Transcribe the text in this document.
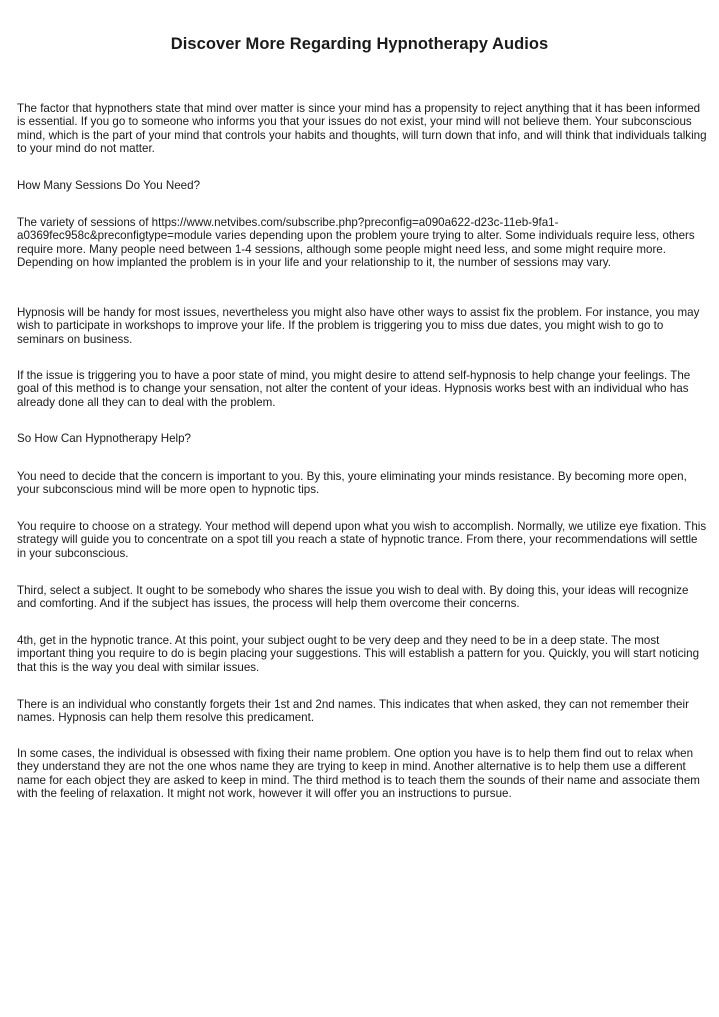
Discover More Regarding Hypnotherapy Audios

The factor that hypnothers state that mind over matter is since your mind has a propensity to reject anything that it has been informed is essential. If you go to someone who informs you that your issues do not exist, your mind will not believe them. Your subconscious mind, which is the part of your mind that controls your habits and thoughts, will turn down that info, and will think that individuals talking to your mind do not matter.

How Many Sessions Do You Need?

The variety of sessions of https://www.netvibes.com/subscribe.php?preconfig=a090a622-d23c-11eb-9fa1-a0369fec958c&preconfigtype=module varies depending upon the problem youre trying to alter. Some individuals require less, others require more. Many people need between 1-4 sessions, although some people might need less, and some might require more. Depending on how implanted the problem is in your life and your relationship to it, the number of sessions may vary.

Hypnosis will be handy for most issues, nevertheless you might also have other ways to assist fix the problem. For instance, you may wish to participate in workshops to improve your life. If the problem is triggering you to miss due dates, you might wish to go to seminars on business.

If the issue is triggering you to have a poor state of mind, you might desire to attend self-hypnosis to help change your feelings. The goal of this method is to change your sensation, not alter the content of your ideas. Hypnosis works best with an individual who has already done all they can to deal with the problem.

So How Can Hypnotherapy Help?

You need to decide that the concern is important to you. By this, youre eliminating your minds resistance. By becoming more open, your subconscious mind will be more open to hypnotic tips.

You require to choose on a strategy. Your method will depend upon what you wish to accomplish. Normally, we utilize eye fixation. This strategy will guide you to concentrate on a spot till you reach a state of hypnotic trance. From there, your recommendations will settle in your subconscious.

Third, select a subject. It ought to be somebody who shares the issue you wish to deal with. By doing this, your ideas will recognize and comforting. And if the subject has issues, the process will help them overcome their concerns.

4th, get in the hypnotic trance. At this point, your subject ought to be very deep and they need to be in a deep state. The most important thing you require to do is begin placing your suggestions. This will establish a pattern for you. Quickly, you will start noticing that this is the way you deal with similar issues.

There is an individual who constantly forgets their 1st and 2nd names. This indicates that when asked, they can not remember their names. Hypnosis can help them resolve this predicament.

In some cases, the individual is obsessed with fixing their name problem. One option you have is to help them find out to relax when they understand they are not the one whos name they are trying to keep in mind. Another alternative is to help them use a different name for each object they are asked to keep in mind. The third method is to teach them the sounds of their name and associate them with the feeling of relaxation. It might not work, however it will offer you an instructions to pursue.
